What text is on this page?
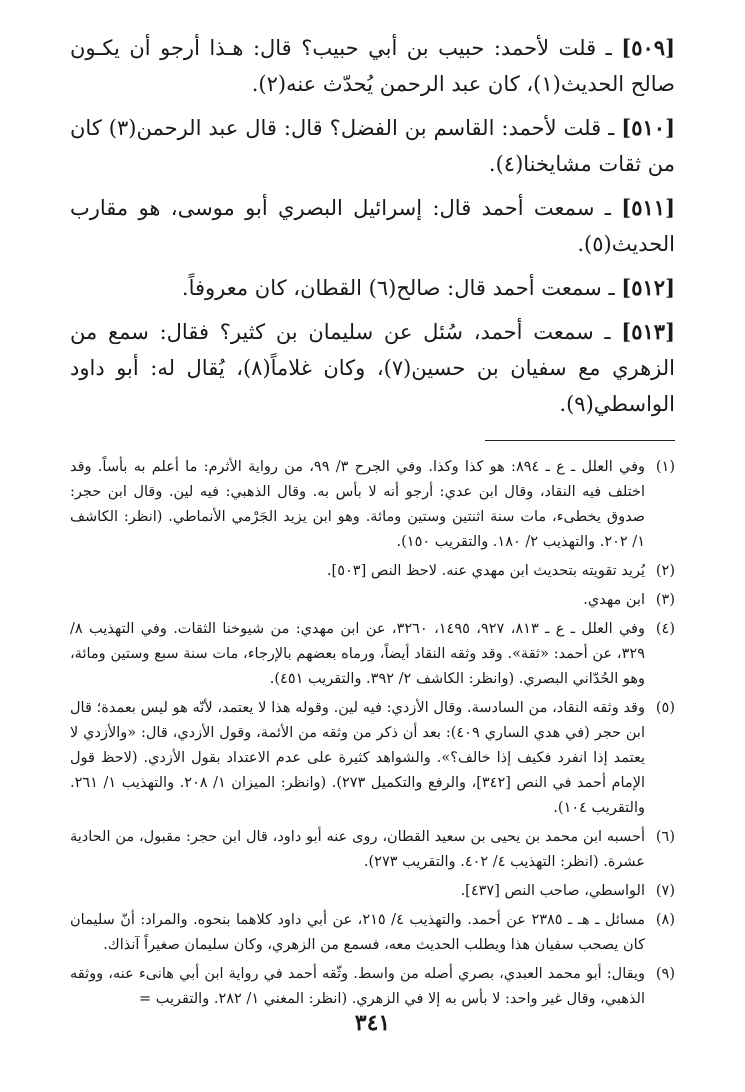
[٥٠٩] ـ قلت لأحمد: حبيب بن أبي حبيب؟ قال: هـذا أرجو أن يكـون صالح الحديث(١)، كان عبد الرحمن يُحدّث عنه(٢).

[٥١٠] ـ قلت لأحمد: القاسم بن الفضل؟ قال: قال عبد الرحمن(٣) كان من ثقات مشايخنا(٤).

[٥١١] ـ سمعت أحمد قال: إسرائيل البصري أبو موسى، هو مقارب الحديث(٥).

[٥١٢] ـ سمعت أحمد قال: صالح(٦) القطان، كان معروفاً.

[٥١٣] ـ سمعت أحمد، سُئل عن سليمان بن كثير؟ فقال: سمع من الزهري مع سفيان بن حسين(٧)، وكان غلاماً(٨)، يُقال له: أبو داود الواسطي(٩).

(١)
وفي العلل ـ ع ـ ٨٩٤: هو كذا وكذا. وفي الجرح ٣/ ٩٩، من رواية الأثرم: ما أعلم به بأساً. وقد اختلف فيه النقاد، وقال ابن عدي: أرجو أنه لا بأس به. وقال الذهبي: فيه لين. وقال ابن حجر: صدوق يخطىء، مات سنة اثنتين وستين ومائة. وهو ابن يزيد الجَرْمي الأنماطي. (انظر: الكاشف ١/ ٢٠٢. والتهذيب ٢/ ١٨٠. والتقريب ١٥٠).
(٢)
يُريد تقويته بتحديث ابن مهدي عنه. لاحظ النص [٥٠٣].
(٣)
ابن مهدي.
(٤)
وفي العلل ـ ع ـ ٨١٣، ٩٢٧، ١٤٩٥، ٣٢٦٠، عن ابن مهدي: من شيوخنا الثقات. وفي التهذيب ٨/ ٣٢٩، عن أحمد: «ثقة». وقد وثقه النقاد أيضاً، ورماه بعضهم بالإرجاء، مات سنة سبع وستين ومائة، وهو الحُدّاني البصري. (وانظر: الكاشف ٢/ ٣٩٢. والتقريب ٤٥١).
(٥)
وقد وثقه النقاد، من السادسة. وقال الأزدي: فيه لين. وقوله هذا لا يعتمد، لأنّه هو ليس بعمدة؛ قال ابن حجر (في هدي الساري ٤٠٩): بعد أن ذكر من وثقه من الأئمة، وقول الأزدي، قال: «والأزدي لا يعتمد إذا انفرد فكيف إذا خالف؟». والشواهد كثيرة على عدم الاعتداد بقول الأزدي. (لاحظ قول الإمام أحمد في النص [٣٤٢]، والرفع والتكميل ٢٧٣). (وانظر: الميزان ١/ ٢٠٨. والتهذيب ١/ ٢٦١. والتقريب ١٠٤).
(٦)
أحسبه ابن محمد بن يحيى بن سعيد القطان، روى عنه أبو داود، قال ابن حجر: مقبول، من الحادية عشرة. (انظر: التهذيب ٤/ ٤٠٢. والتقريب ٢٧٣).
(٧)
الواسطي، صاحب النص [٤٣٧].
(٨)
مسائل ـ هـ ـ ٢٣٨٥ عن أحمد. والتهذيب ٤/ ٢١٥، عن أبي داود كلاهما بنحوه. والمراد: أنّ سليمان كان يصحب سفيان هذا ويطلب الحديث معه، فسمع من الزهري، وكان سليمان صغيراً آنذاك.
(٩)
ويقال: أبو محمد العبدي، بصري أصله من واسط. وثّقه أحمد في رواية ابن أبي هانىء عنه، ووثقه الذهبي، وقال غير واحد: لا بأس به إلا في الزهري. (انظر: المغني ١/ ٢٨٢. والتقريب =
٣٤١
